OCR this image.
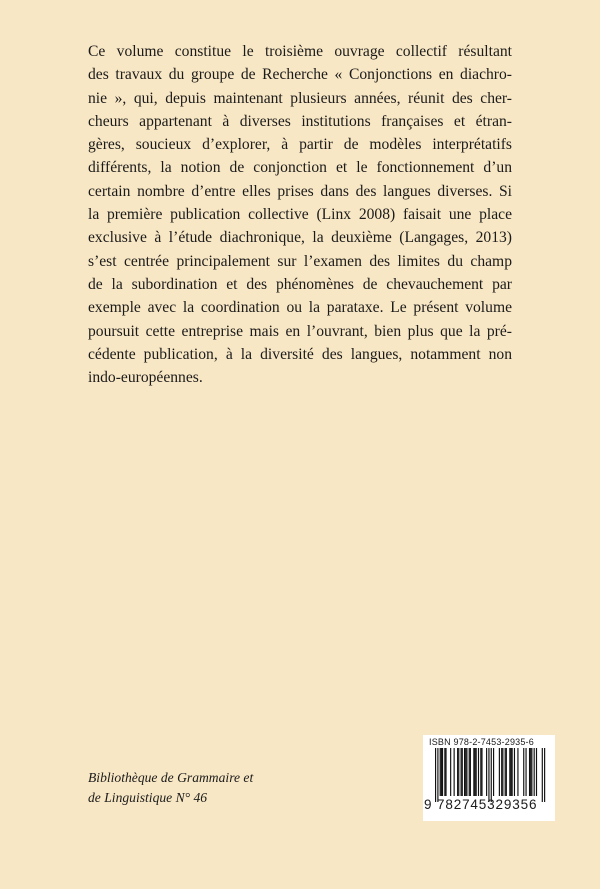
Ce volume constitue le troisième ouvrage collectif résultant
des travaux du groupe de Recherche « Conjonctions en diachro-
nie », qui, depuis maintenant plusieurs années, réunit des cher-
cheurs appartenant à diverses institutions françaises et étran-
gères, soucieux d’explorer, à partir de modèles interprétatifs
différents, la notion de conjonction et le fonctionnement d’un
certain nombre d’entre elles prises dans des langues diverses. Si
la première publication collective (Linx 2008) faisait une place
exclusive à l’étude diachronique, la deuxième (Langages, 2013)
s’est centrée principalement sur l’examen des limites du champ
de la subordination et des phénomènes de chevauchement par
exemple avec la coordination ou la parataxe. Le présent volume
poursuit cette entreprise mais en l’ouvrant, bien plus que la pré-
cédente publication, à la diversité des langues, notamment non
indo-européennes.
Bibliothèque de Grammaire et
de Linguistique N° 46
ISBN 978-2-7453-2935-6
9 782745329356
